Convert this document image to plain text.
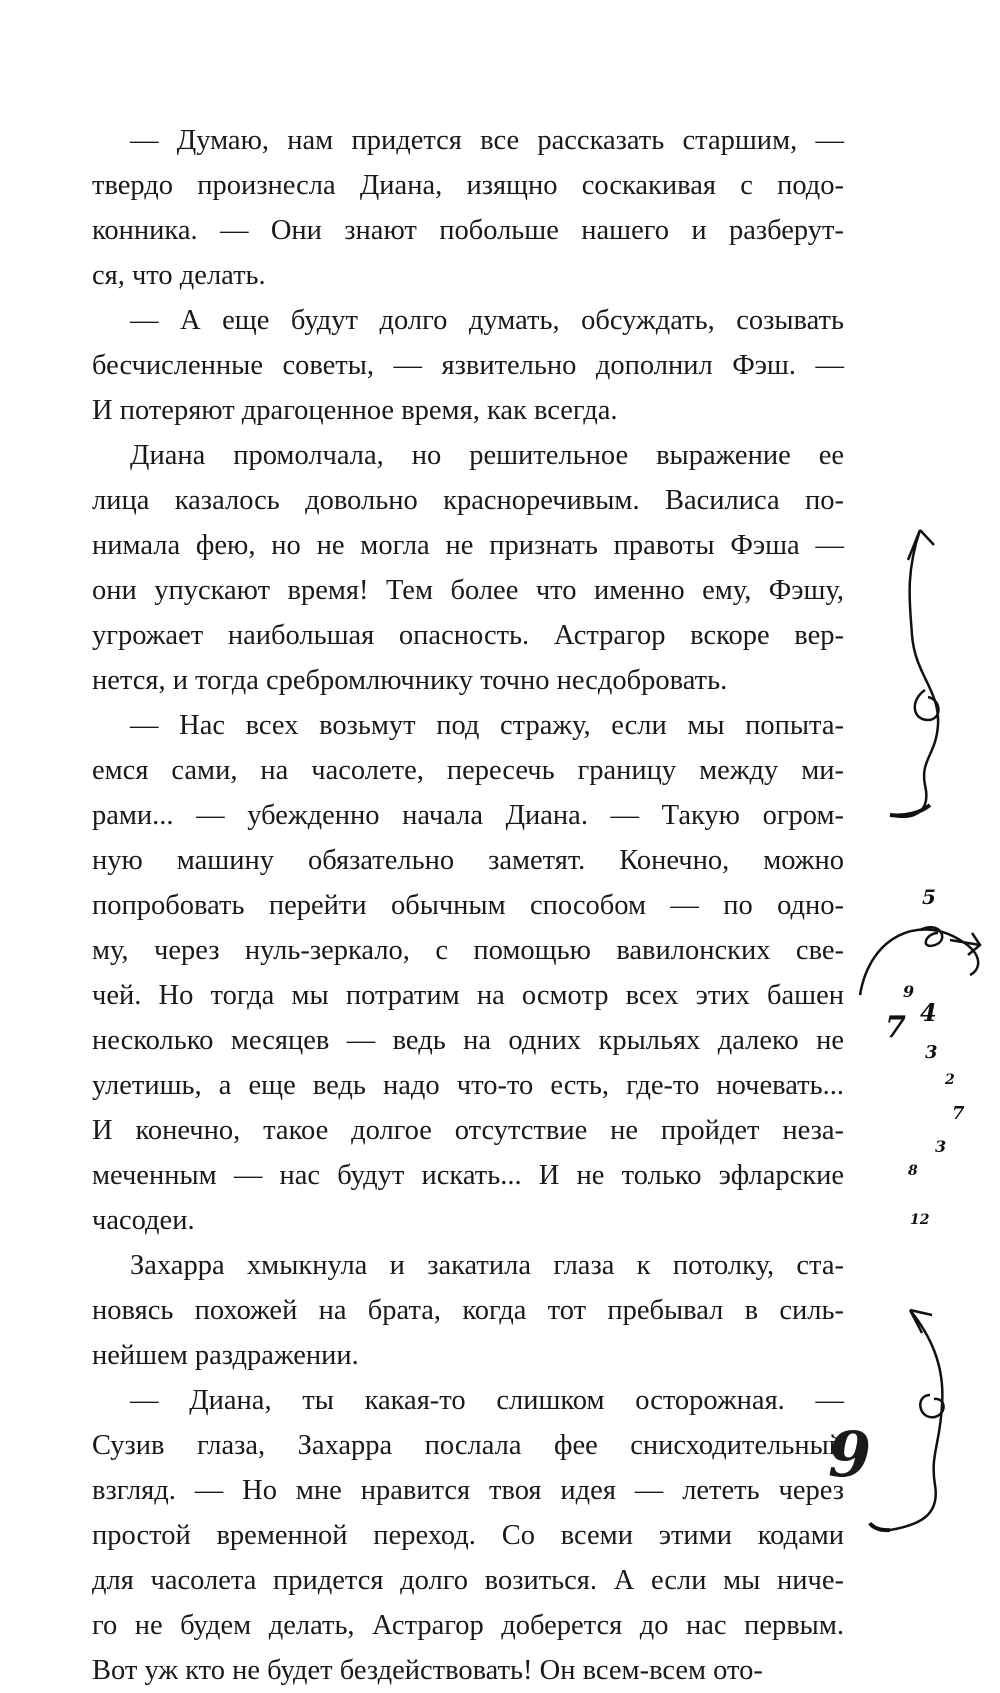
— Думаю, нам придется все рассказать старшим, —
твердо произнесла Диана, изящно соскакивая с подо-
конника. — Они знают побольше нашего и разберут-
ся, что делать.
— А еще будут долго думать, обсуждать, созывать
бесчисленные советы, — язвительно дополнил Фэш. —
И потеряют драгоценное время, как всегда.
Диана промолчала, но решительное выражение ее
лица казалось довольно красноречивым. Василиса по-
нимала фею, но не могла не признать правоты Фэша —
они упускают время! Тем более что именно ему, Фэшу,
угрожает наибольшая опасность. Астрагор вскоре вер-
нется, и тогда сребромлючнику точно несдобровать.
— Нас всех возьмут под стражу, если мы попыта-
емся сами, на часолете, пересечь границу между ми-
рами... — убежденно начала Диана. — Такую огром-
ную машину обязательно заметят. Конечно, можно
попробовать перейти обычным способом — по одно-
му, через нуль-зеркало, с помощью вавилонских све-
чей. Но тогда мы потратим на осмотр всех этих башен
несколько месяцев — ведь на одних крыльях далеко не
улетишь, а еще ведь надо что-то есть, где-то ночевать...
И конечно, такое долгое отсутствие не пройдет неза-
меченным — нас будут искать... И не только эфларские
часодеи.
Захарра хмыкнула и закатила глаза к потолку, ста-
новясь похожей на брата, когда тот пребывал в силь-
нейшем раздражении.
— Диана, ты какая-то слишком осторожная. —
Сузив глаза, Захарра послала фее снисходительный
взгляд. — Но мне нравится твоя идея — лететь через
простой временной переход. Со всеми этими кодами
для часолета придется долго возиться. А если мы ниче-
го не будем делать, Астрагор доберется до нас первым.
Вот уж кто не будет бездействовать! Он всем-всем ото-
9
5
9
7 4
3
2
7
3
8
12
